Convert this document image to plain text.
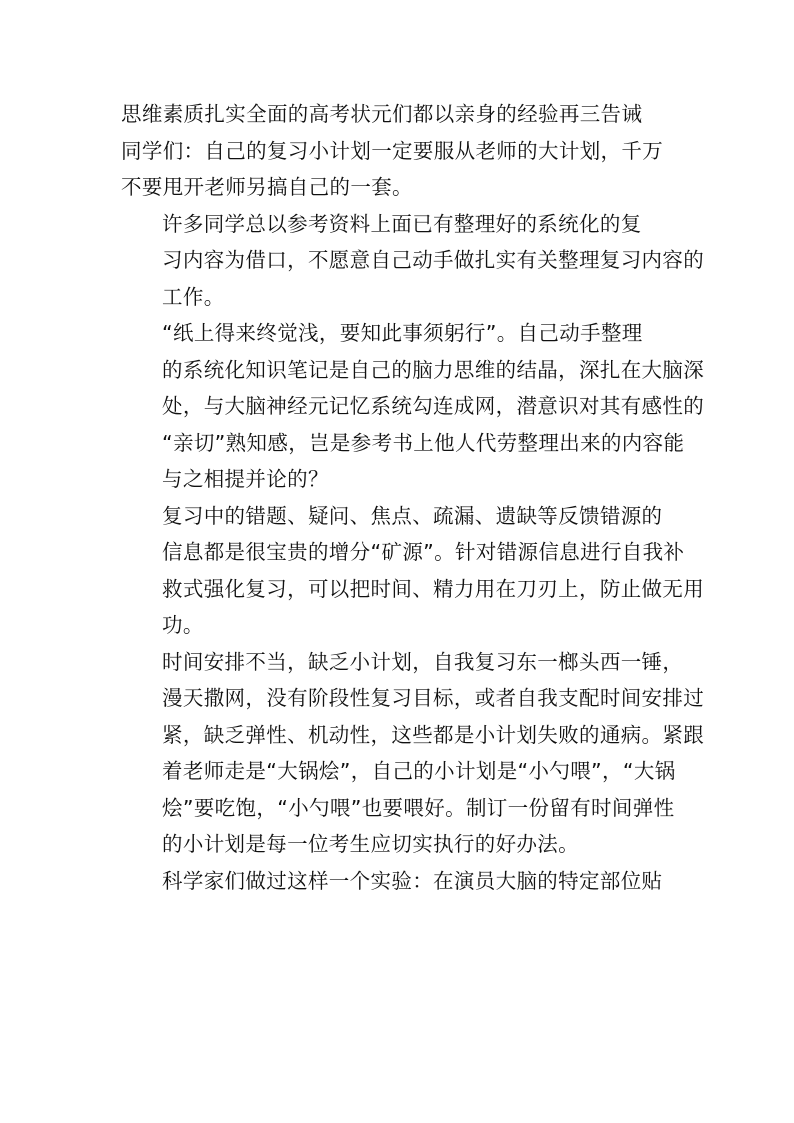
思维素质扎实全面的高考状元们都以亲身的经验再三告诫
同学们：自己的复习小计划一定要服从老师的大计划，千万
不要甩开老师另搞自己的一套。

许多同学总以参考资料上面已有整理好的系统化的复
习内容为借口，不愿意自己动手做扎实有关整理复习内容的
工作。

“纸上得来终觉浅，要知此事须躬行”。自己动手整理
的系统化知识笔记是自己的脑力思维的结晶，深扎在大脑深
处，与大脑神经元记忆系统勾连成网，潜意识对其有感性的
“亲切”熟知感，岂是参考书上他人代劳整理出来的内容能
与之相提并论的？

复习中的错题、疑问、焦点、疏漏、遗缺等反馈错源的
信息都是很宝贵的增分“矿源”。针对错源信息进行自我补
救式强化复习，可以把时间、精力用在刀刃上，防止做无用
功。

时间安排不当，缺乏小计划，自我复习东一榔头西一锤，
漫天撒网，没有阶段性复习目标，或者自我支配时间安排过
紧，缺乏弹性、机动性，这些都是小计划失败的通病。紧跟
着老师走是“大锅烩”，自己的小计划是“小勺喂”，“大锅
烩”要吃饱，“小勺喂”也要喂好。制订一份留有时间弹性
的小计划是每一位考生应切实执行的好办法。

科学家们做过这样一个实验：在演员大脑的特定部位贴
